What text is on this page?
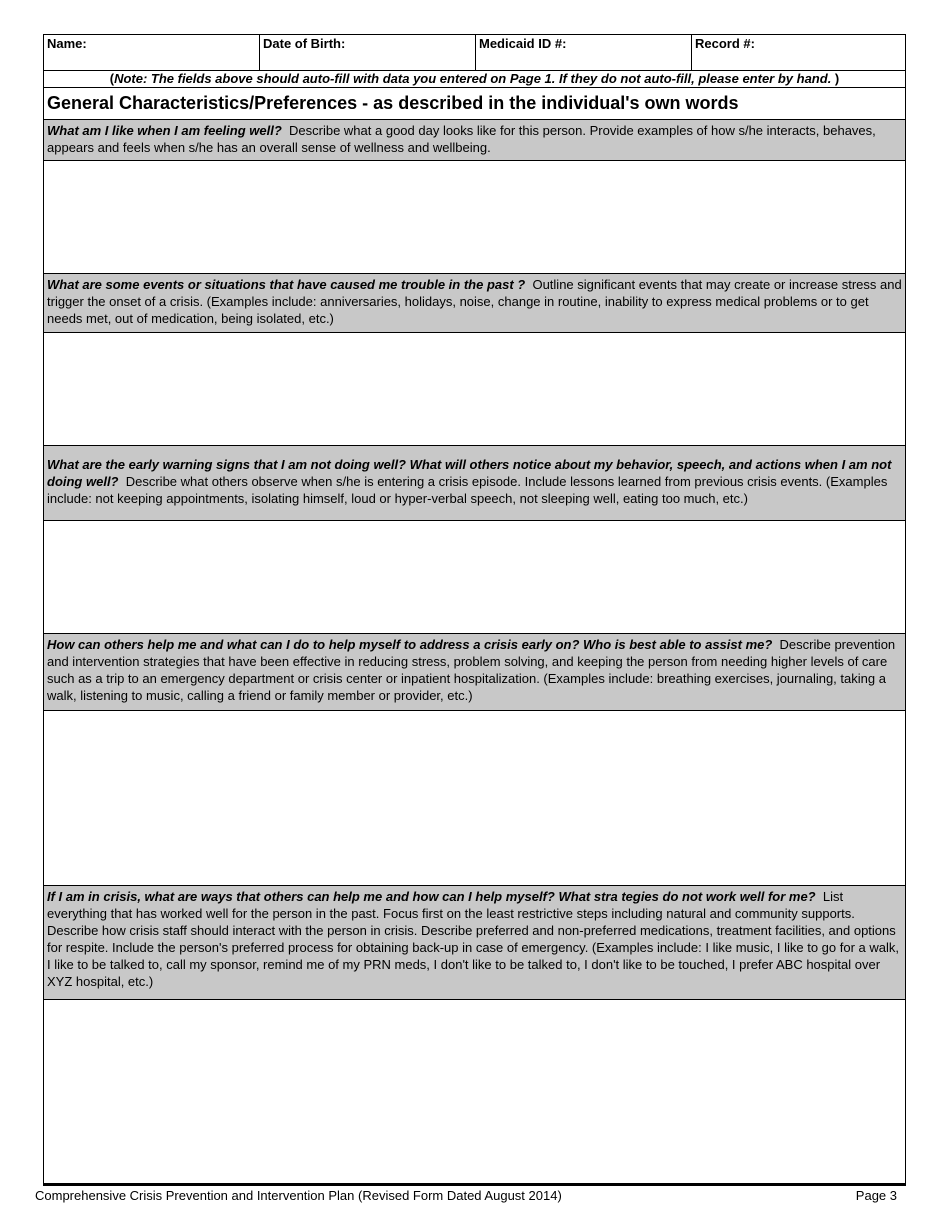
Name:	Date of Birth:	Medicaid ID #:	Record #:
(Note: The fields above should auto-fill with data you entered on Page 1. If they do not auto-fill, please enter by hand. )
General Characteristics/Preferences - as described in the individual's own words
What am I like when I am feeling well? Describe what a good day looks like for this person. Provide examples of how s/he interacts, behaves, appears and feels when s/he has an overall sense of wellness and wellbeing.
What are some events or situations that have caused me trouble in the past ? Outline significant events that may create or increase stress and trigger the onset of a crisis. (Examples include: anniversaries, holidays, noise, change in routine, inability to express medical problems or to get needs met, out of medication, being isolated, etc.)
What are the early warning signs that I am not doing well? What will others notice about my behavior, speech, and actions when I am not doing well? Describe what others observe when s/he is entering a crisis episode. Include lessons learned from previous crisis events. (Examples include: not keeping appointments, isolating himself, loud or hyper-verbal speech, not sleeping well, eating too much, etc.)
How can others help me and what can I do to help myself to address a crisis early on? Who is best able to assist me? Describe prevention and intervention strategies that have been effective in reducing stress, problem solving, and keeping the person from needing higher levels of care such as a trip to an emergency department or crisis center or inpatient hospitalization. (Examples include: breathing exercises, journaling, taking a walk, listening to music, calling a friend or family member or provider, etc.)
If I am in crisis, what are ways that others can help me and how can I help myself? What stra tegies do not work well for me? List everything that has worked well for the person in the past. Focus first on the least restrictive steps including natural and community supports. Describe how crisis staff should interact with the person in crisis. Describe preferred and non-preferred medications, treatment facilities, and options for respite. Include the person's preferred process for obtaining back-up in case of emergency. (Examples include: I like music, I like to go for a walk, I like to be talked to, call my sponsor, remind me of my PRN meds, I don't like to be talked to, I don't like to be touched, I prefer ABC hospital over XYZ hospital, etc.)
Comprehensive Crisis Prevention and Intervention Plan (Revised Form Dated August 2014)	Page 3
